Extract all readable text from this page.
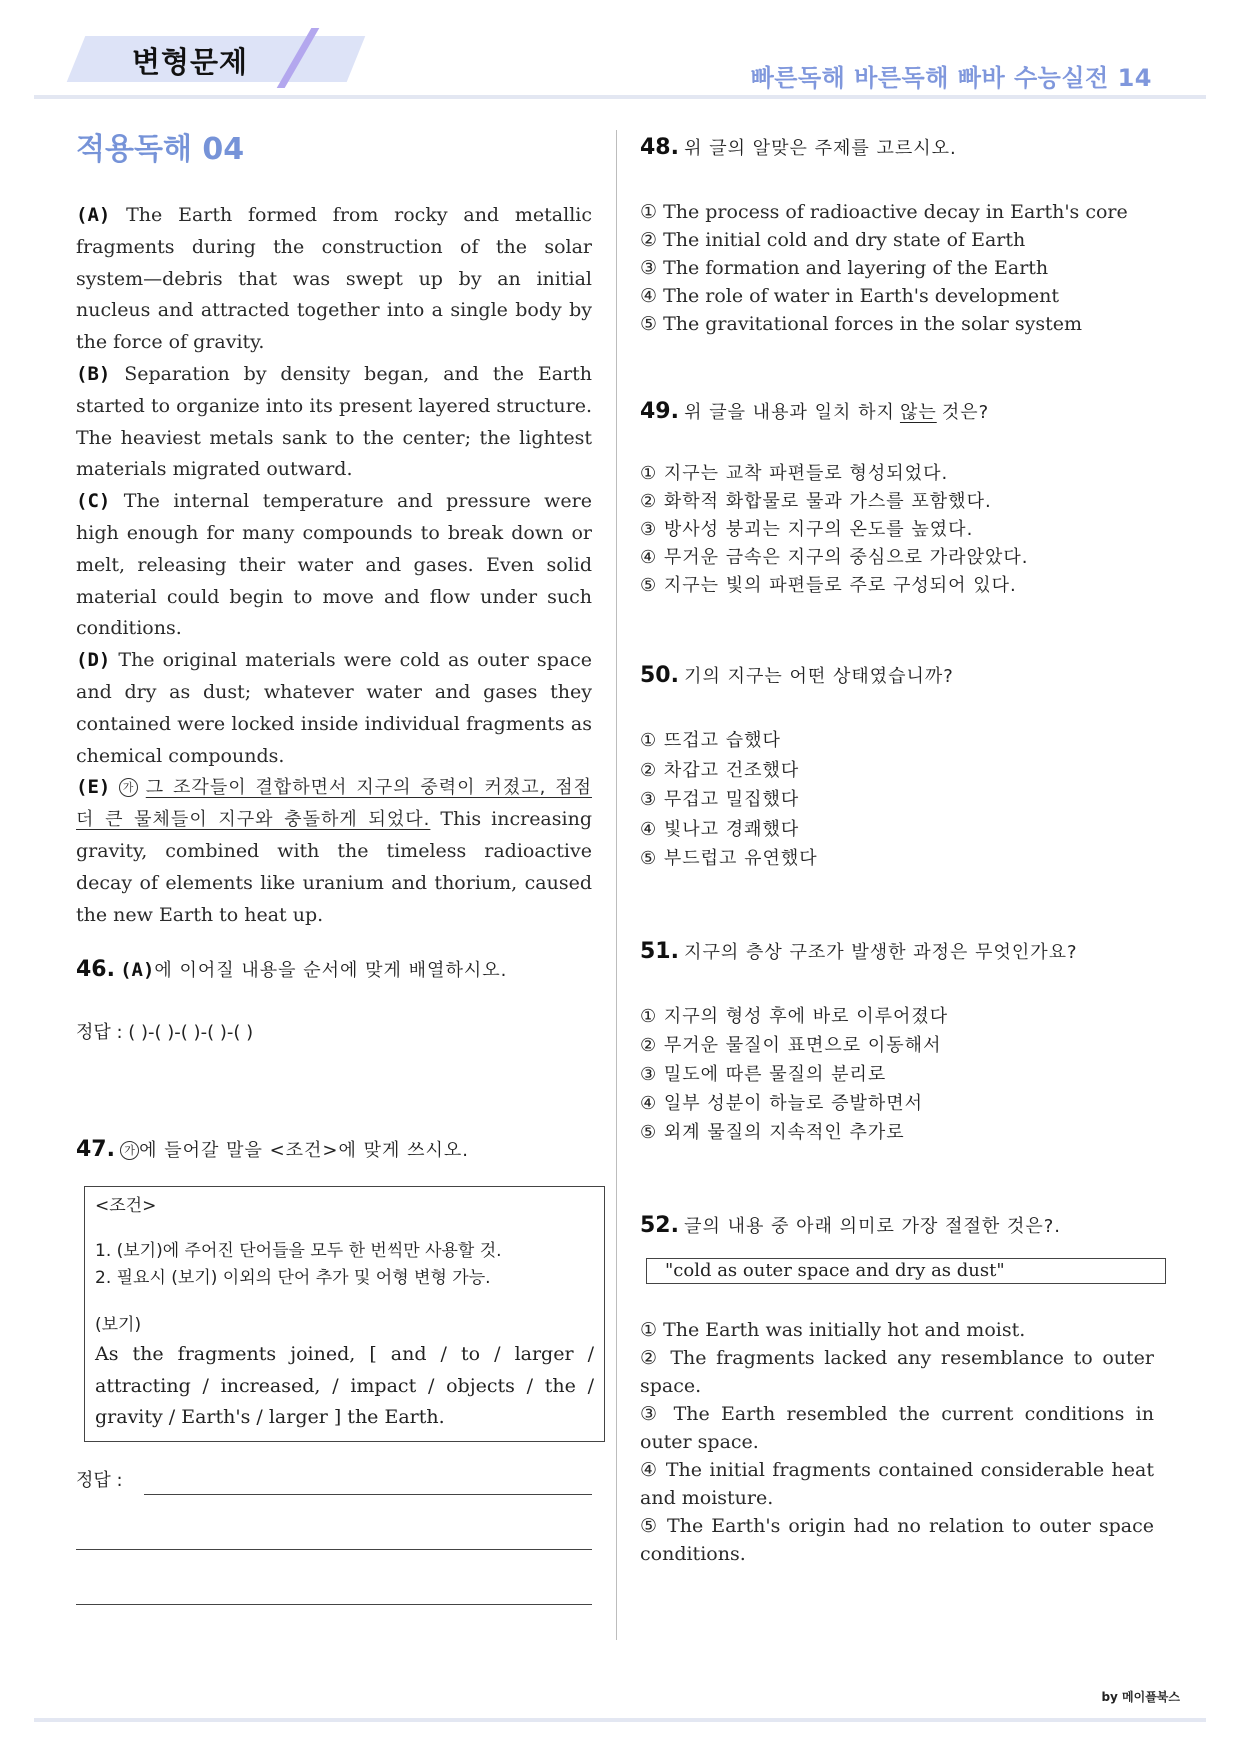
변형문제	빠른독해 바른독해 빠바 수능실전 14
적용독해 04

(A) The Earth formed from rocky and metallic fragments during the construction of the solar system—debris that was swept up by an initial nucleus and attracted together into a single body by the force of gravity.

(B) Separation by density began, and the Earth started to organize into its present layered structure. The heaviest metals sank to the center; the lightest materials migrated outward.

(C) The internal temperature and pressure were high enough for many compounds to break down or melt, releasing their water and gases. Even solid material could begin to move and flow under such conditions.

(D) The original materials were cold as outer space and dry as dust; whatever water and gases they contained were locked inside individual fragments as chemical compounds.

(E) 가 그 조각들이 결합하면서 지구의 중력이 커졌고, 점점 더 큰 물체들이 지구와 충돌하게 되었다. This increasing gravity, combined with the timeless radioactive decay of elements like uranium and thorium, caused the new Earth to heat up.

46. (A)에 이어질 내용을 순서에 맞게 배열하시오.
정답 : ( )-( )-( )-( )-( )
47. 가 에 들어갈 말을 <조건>에 맞게 쓰시오.
<조건>
1. (보기)에 주어진 단어들을 모두 한 번씩만 사용할 것.
2. 필요시 (보기) 이외의 단어 추가 및 어형 변형 가능.
(보기)
As the fragments joined, [ and / to / larger / attracting / increased, / impact / objects / the / gravity / Earth's / larger ] the Earth.
정답 :
48. 위 글의 알맞은 주제를 고르시오.
① The process of radioactive decay in Earth's core
② The initial cold and dry state of Earth
③ The formation and layering of the Earth
④ The role of water in Earth's development
⑤ The gravitational forces in the solar system
49. 위 글을 내용과 일치 하지 않는 것은?
① 지구는 교착 파편들로 형성되었다.
② 화학적 화합물로 물과 가스를 포함했다.
③ 방사성 붕괴는 지구의 온도를 높였다.
④ 무거운 금속은 지구의 중심으로 가라앉았다.
⑤ 지구는 빛의 파편들로 주로 구성되어 있다.
50. 기의 지구는 어떤 상태였습니까?
① 뜨겁고 습했다
② 차갑고 건조했다
③ 무겁고 밀집했다
④ 빛나고 경쾌했다
⑤ 부드럽고 유연했다
51. 지구의 층상 구조가 발생한 과정은 무엇인가요?
① 지구의 형성 후에 바로 이루어졌다
② 무거운 물질이 표면으로 이동해서
③ 밀도에 따른 물질의 분리로
④ 일부 성분이 하늘로 증발하면서
⑤ 외계 물질의 지속적인 추가로
52. 글의 내용 중 아래 의미로 가장 절절한 것은?.
"cold as outer space and dry as dust"
① The Earth was initially hot and moist.
② The fragments lacked any resemblance to outer space.
③ The Earth resembled the current conditions in outer space.
④ The initial fragments contained considerable heat and moisture.
⑤ The Earth's origin had no relation to outer space conditions.
by 메이플북스
